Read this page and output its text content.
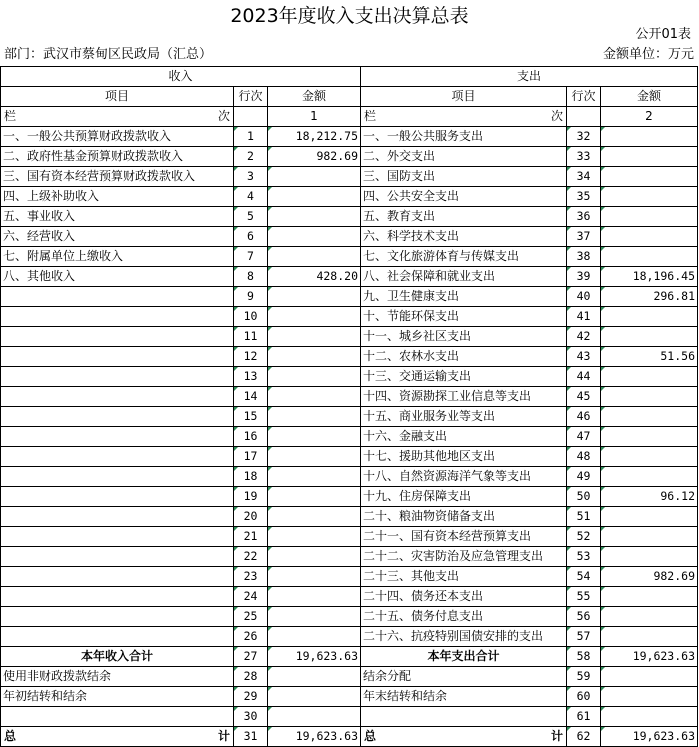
2023年度收入支出决算总表
公开01表
部门：武汉市蔡甸区民政局（汇总）	金额单位：万元
收入			支出		
项目	行次	金额	项目	行次	金额

栏 次		1	栏 次		2
一、一般公共预算财政拨款收入	1	18,212.75	一、一般公共服务支出	32	
二、政府性基金预算财政拨款收入	2	982.69	二、外交支出	33	
三、国有资本经营预算财政拨款收入	3		三、国防支出	34	
四、上级补助收入	4		四、公共安全支出	35	
五、事业收入	5		五、教育支出	36	
六、经营收入	6		六、科学技术支出	37	
七、附属单位上缴收入	7		七、文化旅游体育与传媒支出	38	
八、其他收入	8	428.20	八、社会保障和就业支出	39	18,196.45
	9		九、卫生健康支出	40	296.81
	10		十、节能环保支出	41	
	11		十一、城乡社区支出	42	
	12		十二、农林水支出	43	51.56
	13		十三、交通运输支出	44	
	14		十四、资源勘探工业信息等支出	45	
	15		十五、商业服务业等支出	46	
	16		十六、金融支出	47	
	17		十七、援助其他地区支出	48	
	18		十八、自然资源海洋气象等支出	49	
	19		十九、住房保障支出	50	96.12
	20		二十、粮油物资储备支出	51	
	21		二十一、国有资本经营预算支出	52	
	22		二十二、灾害防治及应急管理支出	53	
	23		二十三、其他支出	54	982.69
	24		二十四、债务还本支出	55	
	25		二十五、债务付息支出	56	
	26		二十六、抗疫特别国债安排的支出	57	
本年收入合计	27	19,623.63	本年支出合计	58	19,623.63
使用非财政拨款结余	28		结余分配	59	
年初结转和结余	29		年末结转和结余	60	
	30			61	

总 计	31	19,623.63	总 计	62	19,623.63
